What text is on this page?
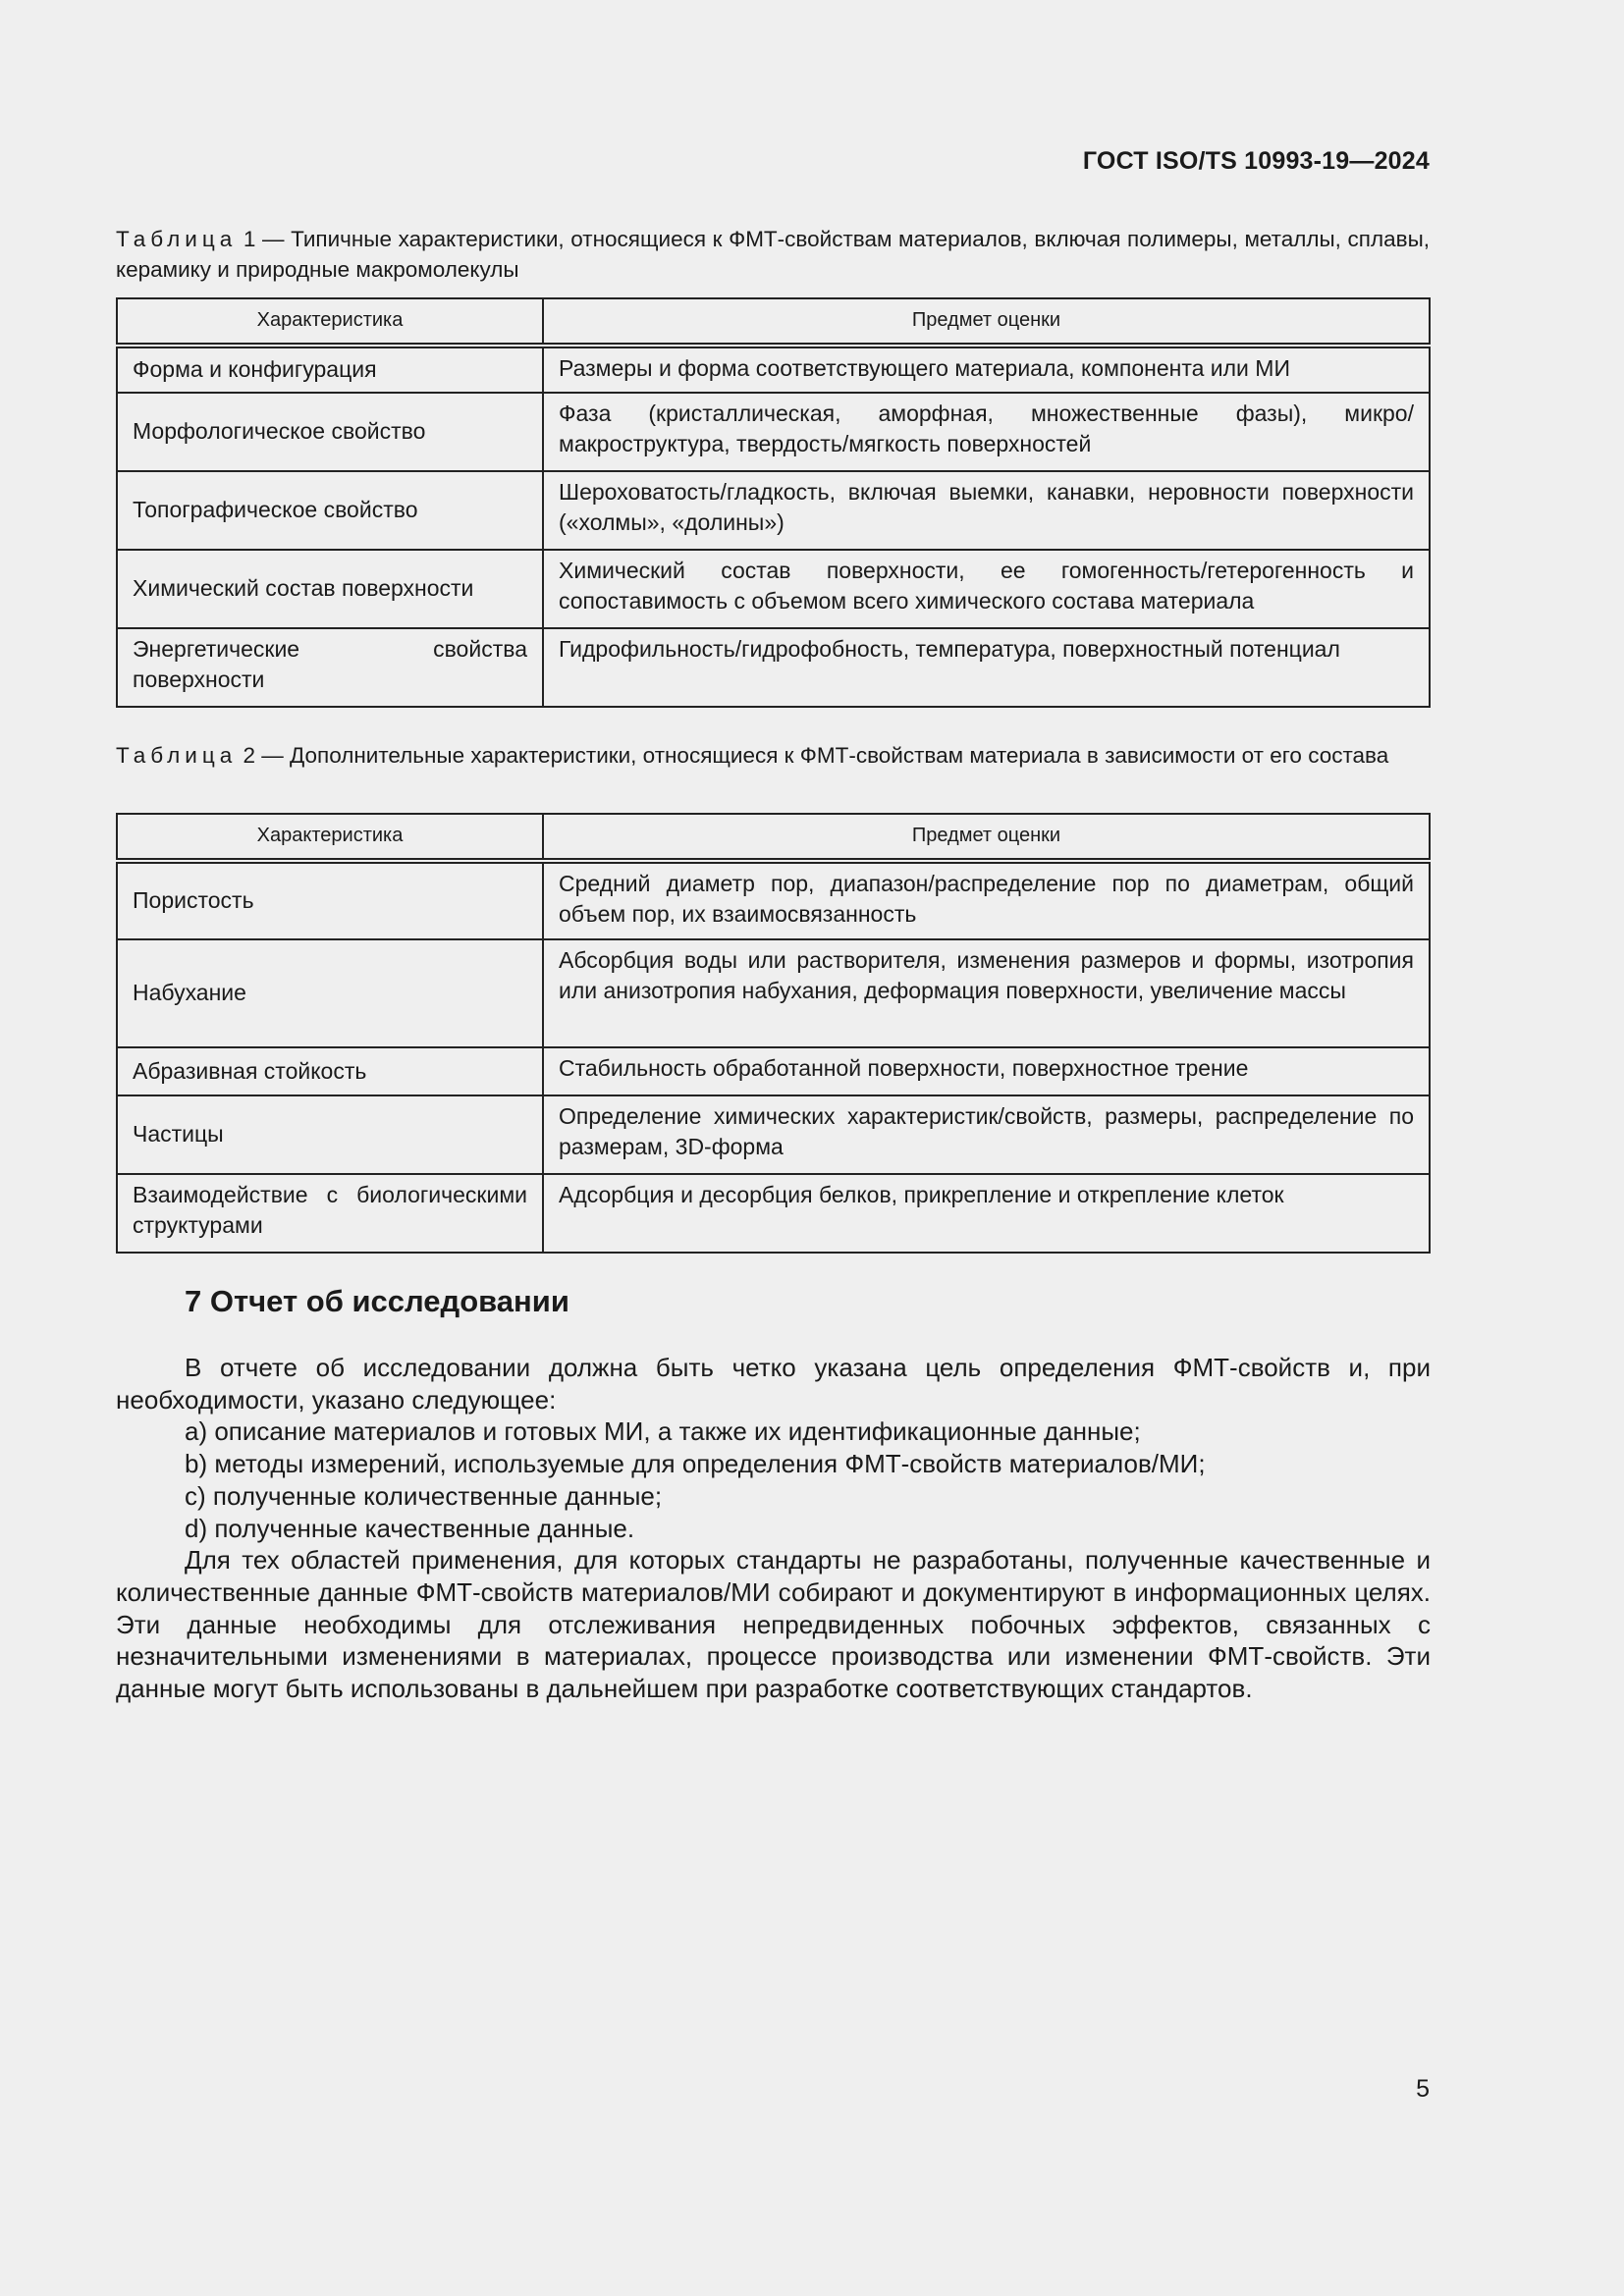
ГОСТ ISO/TS 10993-19—2024
Таблица 1 — Типичные характеристики, относящиеся к ФМТ-свойствам материалов, включая полимеры, металлы, сплавы, керамику и природные макромолекулы
Характеристика	Предмет оценки
Форма и конфигурация	Размеры и форма соответствующего материала, компонента или МИ
Морфологическое свойство	Фаза (кристаллическая, аморфная, множественные фазы), микро/макроструктура, твердость/мягкость поверхностей
Топографическое свойство	Шероховатость/гладкость, включая выемки, канавки, неровности поверхности («холмы», «долины»)
Химический состав поверхности	Химический состав поверхности, ее гомогенность/гетерогенность и сопоставимость с объемом всего химического состава материала
Энергетические свойства поверхности	Гидрофильность/гидрофобность, температура, поверхностный потенциал
Таблица 2 — Дополнительные характеристики, относящиеся к ФМТ-свойствам материала в зависимости от его состава
Характеристика	Предмет оценки
Пористость	Средний диаметр пор, диапазон/распределение пор по диаметрам, общий объем пор, их взаимосвязанность
Набухание	Абсорбция воды или растворителя, изменения размеров и формы, изотропия или анизотропия набухания, деформация поверхности, увеличение массы
Абразивная стойкость	Стабильность обработанной поверхности, поверхностное трение
Частицы	Определение химических характеристик/свойств, размеры, распределение по размерам, 3D-форма
Взаимодействие с биологическими структурами	Адсорбция и десорбция белков, прикрепление и открепление клеток
7 Отчет об исследовании

В отчете об исследовании должна быть четко указана цель определения ФМТ-свойств и, при необходимости, указано следующее:

a) описание материалов и готовых МИ, а также их идентификационные данные;

b) методы измерений, используемые для определения ФМТ-свойств материалов/МИ;

c) полученные количественные данные;

d) полученные качественные данные.

Для тех областей применения, для которых стандарты не разработаны, полученные качественные и количественные данные ФМТ-свойств материалов/МИ собирают и документируют в информационных целях. Эти данные необходимы для отслеживания непредвиденных побочных эффектов, связанных с незначительными изменениями в материалах, процессе производства или изменении ФМТ-свойств. Эти данные могут быть использованы в дальнейшем при разработке соответствующих стандартов.

5
